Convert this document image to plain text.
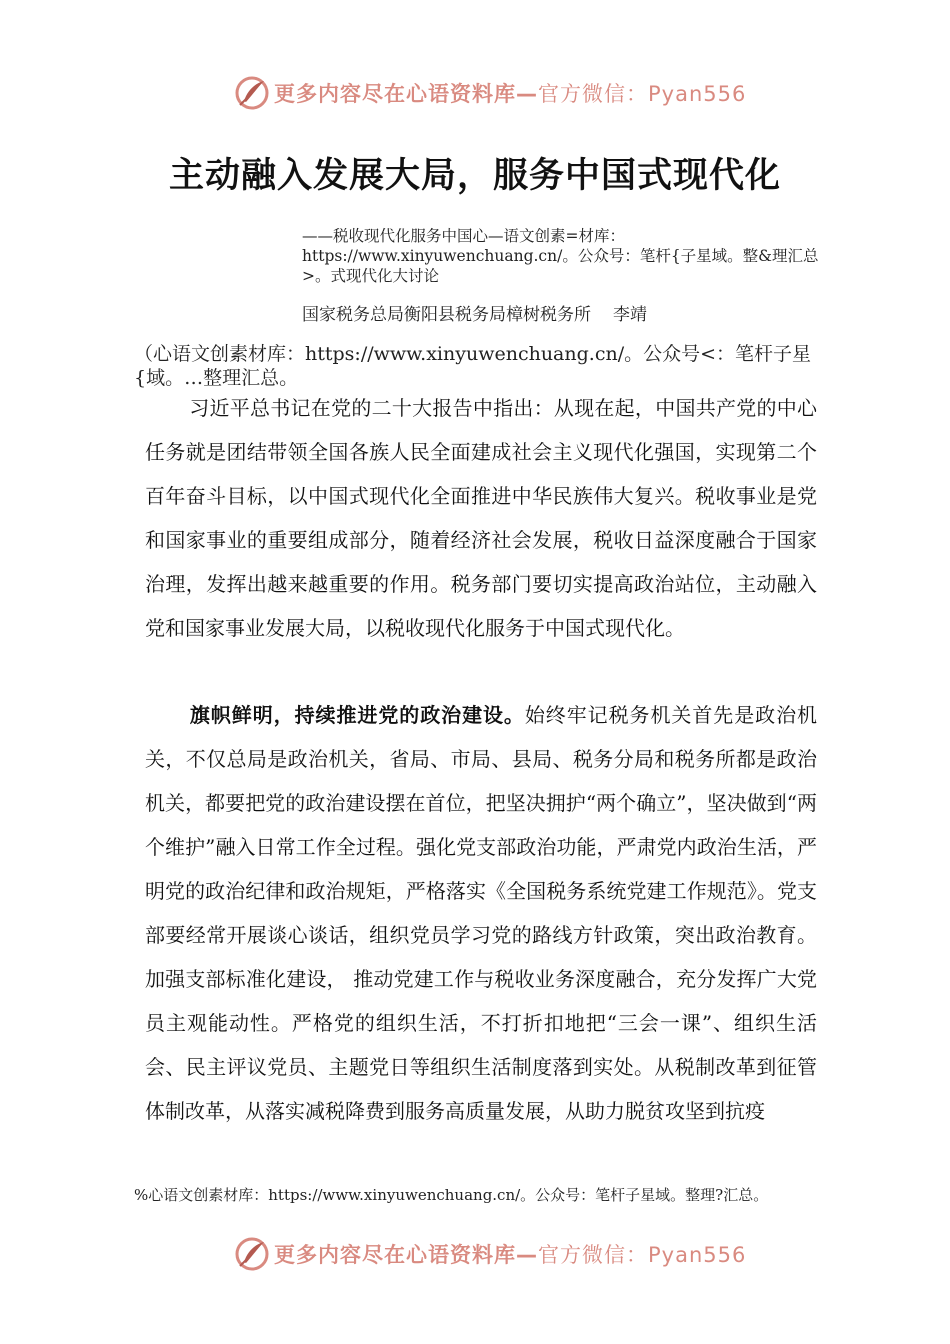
更多内容尽在心语资料库—官方微信：Pyan556
主动融入发展大局，服务中国式现代化
——税收现代化服务中国心—语文创素=材库：https://www.xinyuwenchuang.cn/。公众号：笔杆{子星域。整&理汇总>。式现代化大讨论
国家税务总局衡阳县税务局樟树税务所 李靖
（心语文创素材库：https://www.xinyuwenchuang.cn/。公众号<：笔杆子星{域。…整理汇总。
习近平总书记在党的二十大报告中指出：从现在起，中国共产党的中心任务就是团结带领全国各族人民全面建成社会主义现代化强国，实现第二个百年奋斗目标，以中国式现代化全面推进中华民族伟大复兴。税收事业是党和国家事业的重要组成部分，随着经济社会发展，税收日益深度融合于国家治理，发挥出越来越重要的作用。税务部门要切实提高政治站位，主动融入党和国家事业发展大局，以税收现代化服务于中国式现代化。
旗帜鲜明，持续推进党的政治建设。始终牢记税务机关首先是政治机关，不仅总局是政治机关，省局、市局、县局、税务分局和税务所都是政治机关，都要把党的政治建设摆在首位，把坚决拥护“两个确立”，坚决做到“两个维护”融入日常工作全过程。强化党支部政治功能，严肃党内政治生活，严明党的政治纪律和政治规矩，严格落实《全国税务系统党建工作规范》。党支部要经常开展谈心谈话，组织党员学习党的路线方针政策，突出政治教育。加强支部标准化建设， 推动党建工作与税收业务深度融合，充分发挥广大党员主观能动性。严格党的组织生活，不打折扣地把“三会一课”、组织生活会、民主评议党员、主题党日等组织生活制度落到实处。从税制改革到征管体制改革，从落实减税降费到服务高质量发展，从助力脱贫攻坚到抗疫
%心语文创素材库：https://www.xinyuwenchuang.cn/。公众号：笔杆子星域。整理?汇总。
更多内容尽在心语资料库—官方微信：Pyan556
